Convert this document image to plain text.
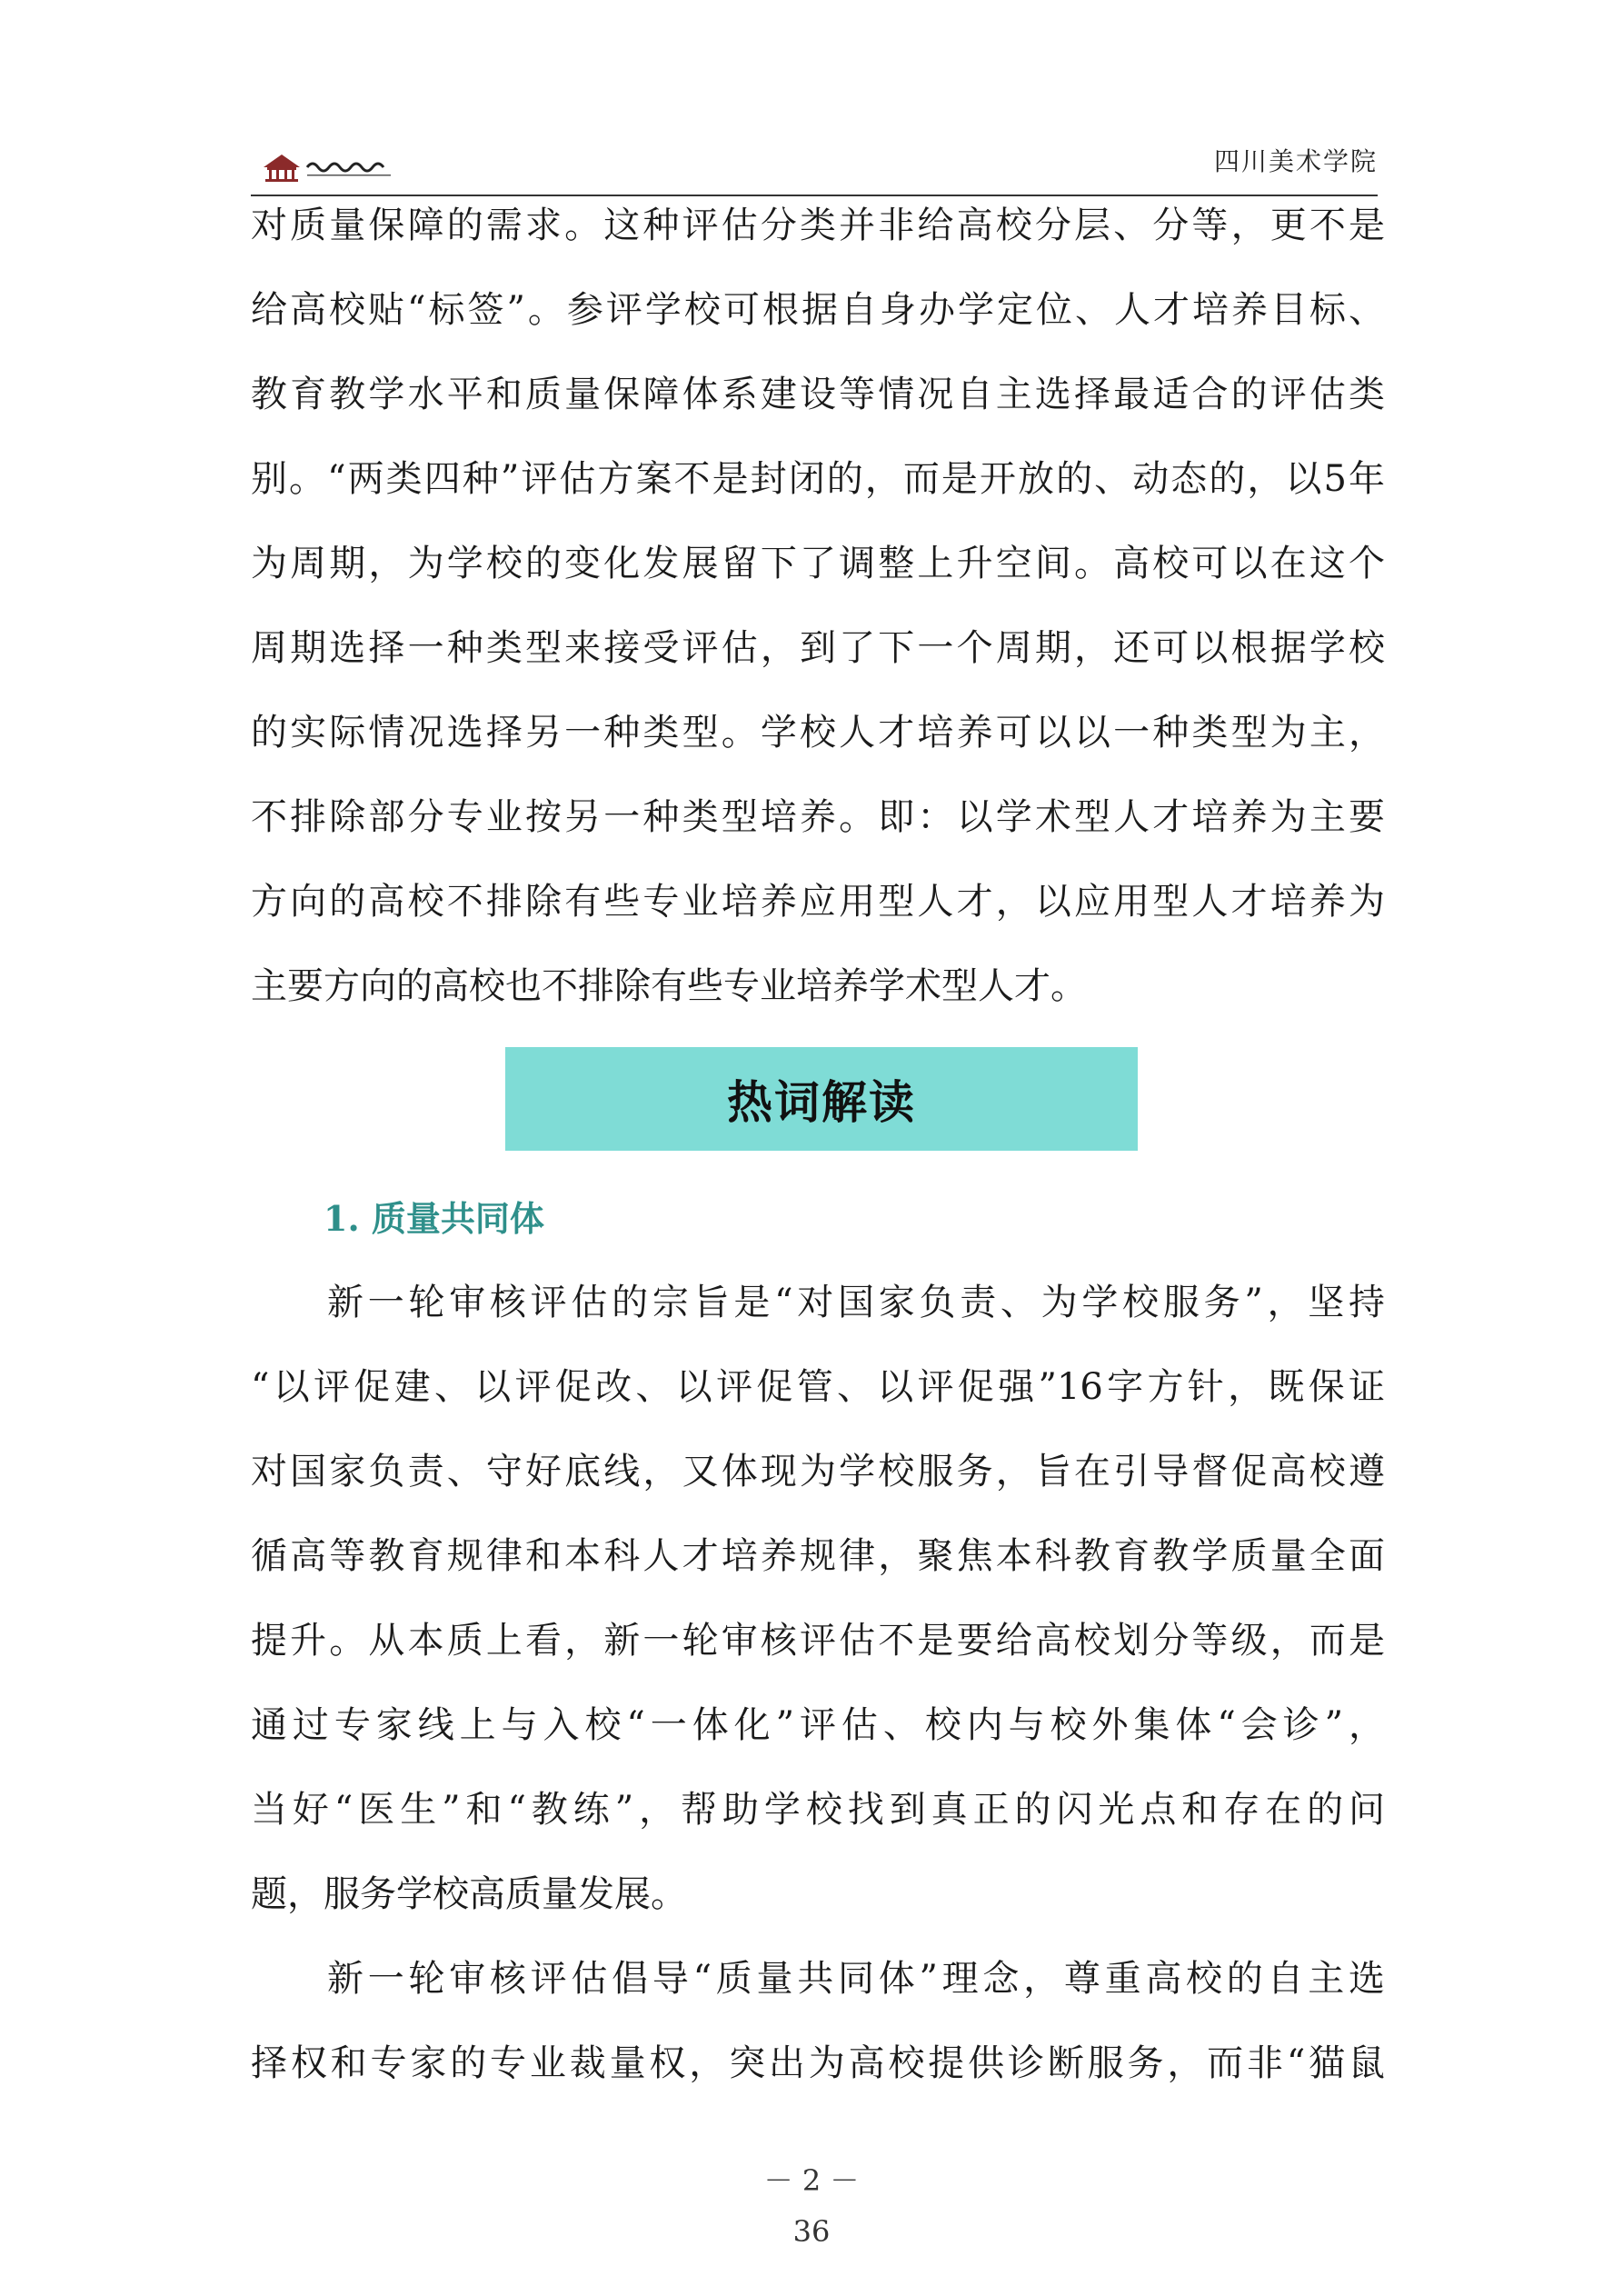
四川美术学院
对质量保障的需求。这种评估分类并非给高校分层、分等，更不是
给高校贴“标签”。参评学校可根据自身办学定位、人才培养目标、
教育教学水平和质量保障体系建设等情况自主选择最适合的评估类
别。“两类四种”评估方案不是封闭的，而是开放的、动态的，以5年
为周期，为学校的变化发展留下了调整上升空间。高校可以在这个
周期选择一种类型来接受评估，到了下一个周期，还可以根据学校
的实际情况选择另一种类型。学校人才培养可以以一种类型为主，
不排除部分专业按另一种类型培养。即：以学术型人才培养为主要
方向的高校不排除有些专业培养应用型人才，以应用型人才培养为
主要方向的高校也不排除有些专业培养学术型人才。
热词解读
1. 质量共同体
新一轮审核评估的宗旨是“对国家负责、为学校服务”，坚持
“以评促建、以评促改、以评促管、以评促强”16字方针，既保证
对国家负责、守好底线，又体现为学校服务，旨在引导督促高校遵
循高等教育规律和本科人才培养规律，聚焦本科教育教学质量全面
提升。从本质上看，新一轮审核评估不是要给高校划分等级，而是
通过专家线上与入校“一体化”评估、校内与校外集体“会诊”，
当好“医生”和“教练”，帮助学校找到真正的闪光点和存在的问
题，服务学校高质量发展。
新一轮审核评估倡导“质量共同体”理念，尊重高校的自主选
择权和专家的专业裁量权，突出为高校提供诊断服务，而非“猫鼠
－ 2 －
36
